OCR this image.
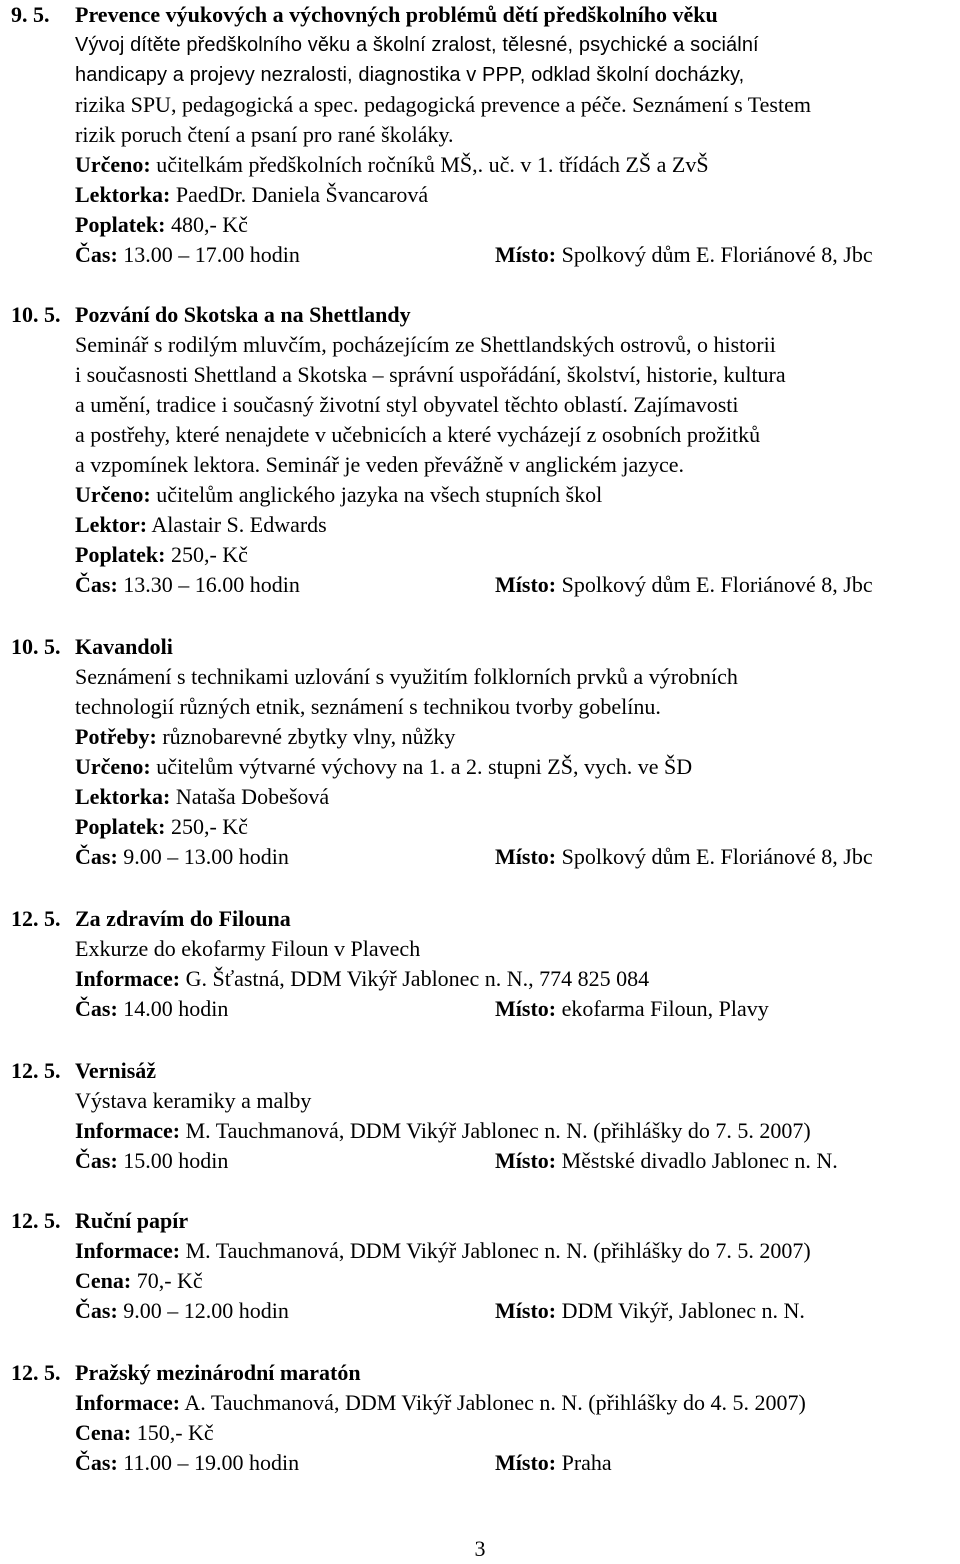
9. 5. Prevence výukových a výchovných problémů dětí předškolního věku
Vývoj dítěte předškolního věku a školní zralost, tělesné, psychické a sociální
handicapy a projevy nezralosti, diagnostika v PPP, odklad školní docházky,
rizika SPU, pedagogická a spec. pedagogická prevence a péče. Seznámení s Testem
rizik poruch čtení a psaní pro rané školáky.
Určeno: učitelkám předškolních ročníků MŠ,. uč. v 1. třídách ZŠ a ZvŠ
Lektorka: PaedDr. Daniela Švancarová
Poplatek: 480,- Kč
Čas: 13.00 – 17.00 hodin	Místo: Spolkový dům E. Floriánové 8, Jbc
10. 5. Pozvání do Skotska a na Shettlandy
Seminář s rodilým mluvčím, pocházejícím ze Shettlandských ostrovů, o historii
i současnosti Shettland a Skotska – správní uspořádání, školství, historie, kultura
a umění, tradice i současný životní styl obyvatel těchto oblastí. Zajímavosti
a postřehy, které nenajdete v učebnicích a které vycházejí z osobních prožitků
a vzpomínek lektora. Seminář je veden převážně v anglickém jazyce.
Určeno: učitelům anglického jazyka na všech stupních škol
Lektor: Alastair S. Edwards
Poplatek: 250,- Kč
Čas: 13.30 – 16.00 hodin	Místo: Spolkový dům E. Floriánové 8, Jbc
10. 5. Kavandoli
Seznámení s technikami uzlování s využitím folklorních prvků a výrobních
technologií různých etnik, seznámení s technikou tvorby gobelínu.
Potřeby: různobarevné zbytky vlny, nůžky
Určeno: učitelům výtvarné výchovy na 1. a 2. stupni ZŠ, vych. ve ŠD
Lektorka: Nataša Dobešová
Poplatek: 250,- Kč
Čas: 9.00 – 13.00 hodin	Místo: Spolkový dům E. Floriánové 8, Jbc
12. 5. Za zdravím do Filouna
Exkurze do ekofarmy Filoun v Plavech
Informace: G. Šťastná, DDM Vikýř Jablonec n. N., 774 825 084
Čas: 14.00 hodin	Místo: ekofarma Filoun, Plavy
12. 5. Vernisáž
Výstava keramiky a malby
Informace: M. Tauchmanová, DDM Vikýř Jablonec n. N. (přihlášky do 7. 5. 2007)
Čas: 15.00 hodin	Místo: Městské divadlo Jablonec n. N.
12. 5. Ruční papír
Informace: M. Tauchmanová, DDM Vikýř Jablonec n. N. (přihlášky do 7. 5. 2007)
Cena: 70,- Kč
Čas: 9.00 – 12.00 hodin	Místo: DDM Vikýř, Jablonec n. N.
12. 5. Pražský mezinárodní maratón
Informace: A. Tauchmanová, DDM Vikýř Jablonec n. N. (přihlášky do 4. 5. 2007)
Cena: 150,- Kč
Čas: 11.00 – 19.00 hodin	Místo: Praha
3
